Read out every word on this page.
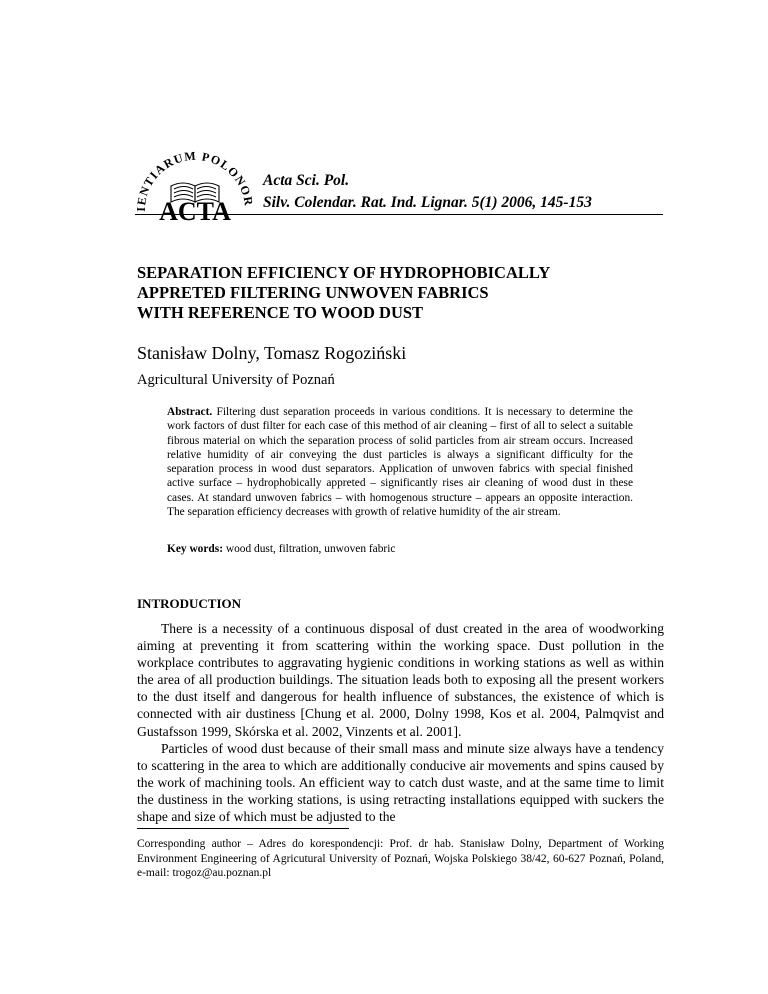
IENTIARUM POLONOR
ACTA
Acta Sci. Pol.
Silv. Colendar. Rat. Ind. Lignar. 5(1) 2006, 145-153
SEPARATION EFFICIENCY OF HYDROPHOBICALLY
APPRETED FILTERING UNWOVEN FABRICS
WITH REFERENCE TO WOOD DUST
Stanisław Dolny, Tomasz Rogoziński
Agricultural University of Poznań

Abstract. Filtering dust separation proceeds in various conditions. It is necessary to determine the work factors of dust filter for each case of this method of air cleaning – first of all to select a suitable fibrous material on which the separation process of solid particles from air stream occurs. Increased relative humidity of air conveying the dust particles is always a significant difficulty for the separation process in wood dust separators. Application of unwoven fabrics with special finished active surface – hydrophobically appreted – significantly rises air cleaning of wood dust in these cases. At standard unwoven fabrics – with homogenous structure – appears an opposite interaction. The separation efficiency decreases with growth of relative humidity of the air stream.

Key words: wood dust, filtration, unwoven fabric

INTRODUCTION

There is a necessity of a continuous disposal of dust created in the area of woodworking aiming at preventing it from scattering within the working space. Dust pollution in the workplace contributes to aggravating hygienic conditions in working stations as well as within the area of all production buildings. The situation leads both to exposing all the present workers to the dust itself and dangerous for health influence of substances, the existence of which is connected with air dustiness [Chung et al. 2000, Dolny 1998, Kos et al. 2004, Palmqvist and Gustafsson 1999, Skórska et al. 2002, Vinzents et al. 2001].

Particles of wood dust because of their small mass and minute size always have a tendency to scattering in the area to which are additionally conducive air movements and spins caused by the work of machining tools. An efficient way to catch dust waste, and at the same time to limit the dustiness in the working stations, is using retracting installations equipped with suckers the shape and size of which must be adjusted to the

Corresponding author – Adres do korespondencji: Prof. dr hab. Stanisław Dolny, Department of Working Environment Engineering of Agricutural University of Poznań, Wojska Polskiego 38/42, 60-627 Poznań, Poland, e-mail: trogoz@au.poznan.pl
